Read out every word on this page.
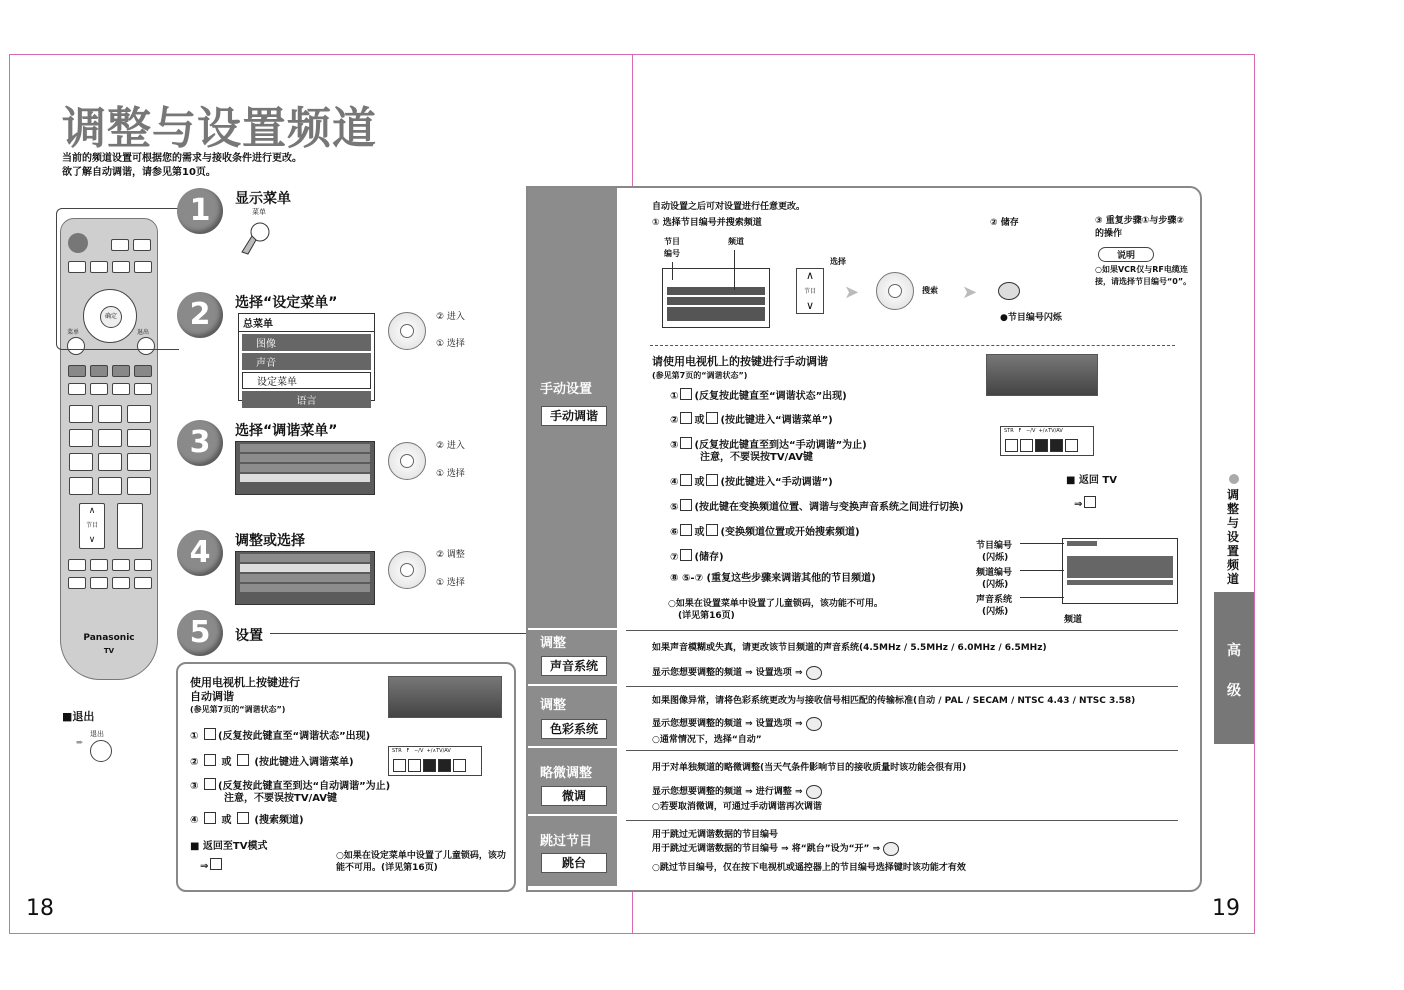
调整与设置频道
当前的频道设置可根据您的需求与接收条件进行更改。
欲了解自动调谐，请参见第10页。
确定
菜单	退出
∧
节目
∨
Panasonic
TV
1	显示菜单
菜单
2	选择“设定菜单”
总菜单
图像
声音
设定菜单
语言
② 进入
① 选择
3	选择“调谐菜单”
② 进入
① 选择
4	调整或选择
② 调整
① 选择
5	设置
■退出
➨
退出
使用电视机上按键进行
自动调谐
(参见第7页的“调谐状态”)
① (反复按此键直至“调谐状态”出现)
②  或 (按此键进入调谐菜单)
STR   F   −/V  +/∧TV/AV
③ (反复按此键直至到达“自动调谐”为止)
注意，不要误按TV/AV键
④  或 (搜索频道)
■ 返回至TV模式
⇒
○如果在设定菜单中设置了儿童锁码，该功能不可用。(详见第16页)
18	19
手动设置
手动调谐
调整
声音系统
调整
色彩系统
略微调整
微调
跳过节目
跳台
自动设置之后可对设置进行任意更改。
① 选择节目编号并搜索频道	② 储存	③ 重复步骤①与步骤②的操作
节目编号
频道
∧
节目
∨
选择
➤	搜索 ➤
●节目编号闪烁
说明
○如果VCR仅与RF电缆连接，请选择节目编号“0”。
请使用电视机上的按键进行手动调谐
(参见第7页的“调谐状态”)
STR   F   −/V  +/∧TV/AV
① (反复按此键直至“调谐状态”出现)
② 或 (按此键进入“调谐菜单”)
③ (反复按此键直至到达“手动调谐”为止)
注意，不要误按TV/AV键
④ 或 (按此键进入“手动调谐”)
⑤ (按此键在变换频道位置、调谐与变换声音系统之间进行切换)
⑥ 或 (变换频道位置或开始搜索频道)
⑦ (储存)
⑧ ⑤-⑦ (重复这些步骤来调谐其他的节目频道)
○如果在设置菜单中设置了儿童锁码，该功能不可用。
(详见第16页)
■ 返回 TV
⇒
节目编号
(闪烁)
频道编号
(闪烁)
声音系统
(闪烁)
频道
如果声音模糊或失真，请更改该节目频道的声音系统(4.5MHz / 5.5MHz / 6.0MHz / 6.5MHz)
显示您想要调整的频道 ⇒ 设置选项 ⇒
如果图像异常，请将色彩系统更改为与接收信号相匹配的传输标准(自动 / PAL / SECAM / NTSC 4.43 / NTSC 3.58)
显示您想要调整的频道 ⇒ 设置选项 ⇒
○通常情况下，选择“自动”
用于对单独频道的略微调整(当天气条件影响节目的接收质量时该功能会很有用)
显示您想要调整的频道 ⇒ 进行调整 ⇒
○若要取消微调，可通过手动调谐再次调谐
用于跳过无调谐数据的节目编号
用于跳过无调谐数据的节目编号 ⇒ 将“跳台”设为“开” ⇒
○跳过节目编号，仅在按下电视机或遥控器上的节目编号选择键时该功能才有效
调整与设置频道
高
级
